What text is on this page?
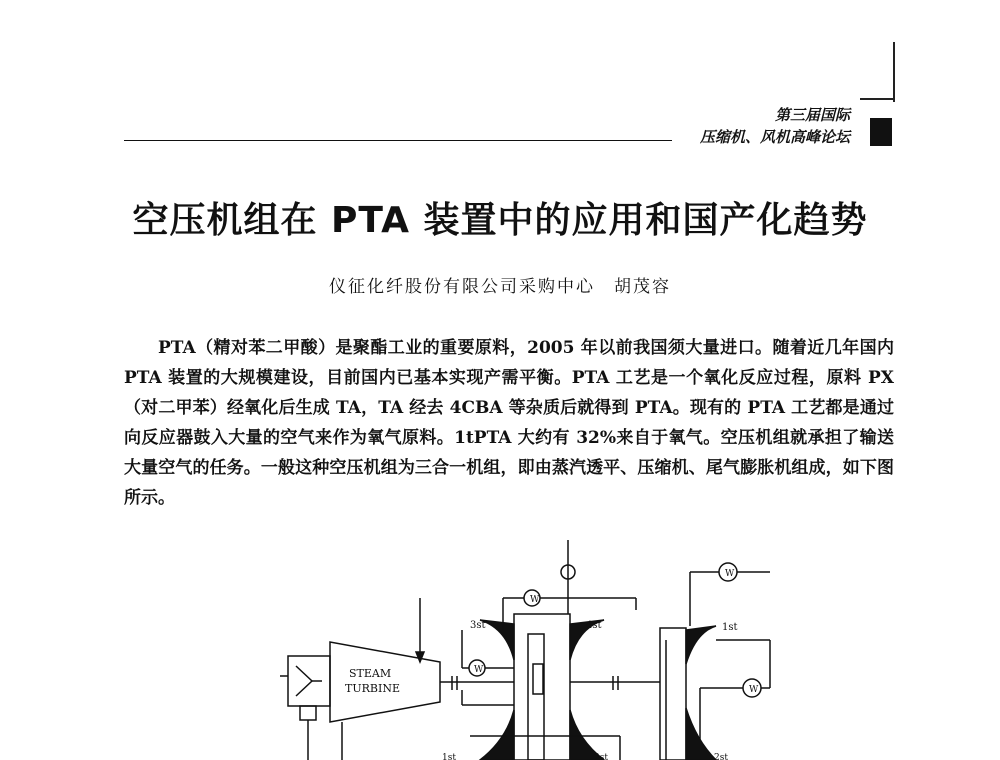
第三届国际
压缩机、风机高峰论坛
空压机组在 PTA 装置中的应用和国产化趋势
仪征化纤股份有限公司采购中心　胡茂容

PTA（精对苯二甲酸）是聚酯工业的重要原料，2005 年以前我国须大量进口。随着近几年国内 PTA 装置的大规模建设，目前国内已基本实现产需平衡。PTA 工艺是一个氧化反应过程，原料 PX（对二甲苯）经氧化后生成 TA，TA 经去 4CBA 等杂质后就得到 PTA。现有的 PTA 工艺都是通过向反应器鼓入大量的空气来作为氧气原料。1tPTA 大约有 32%来自于氧气。空压机组就承担了输送大量空气的任务。一般这种空压机组为三合一机组，即由蒸汽透平、压缩机、尾气膨胀机组成，如下图所示。

STEAM
TURBINE
W
W
W
W
3st	4st	1st
1st	2st	2st
